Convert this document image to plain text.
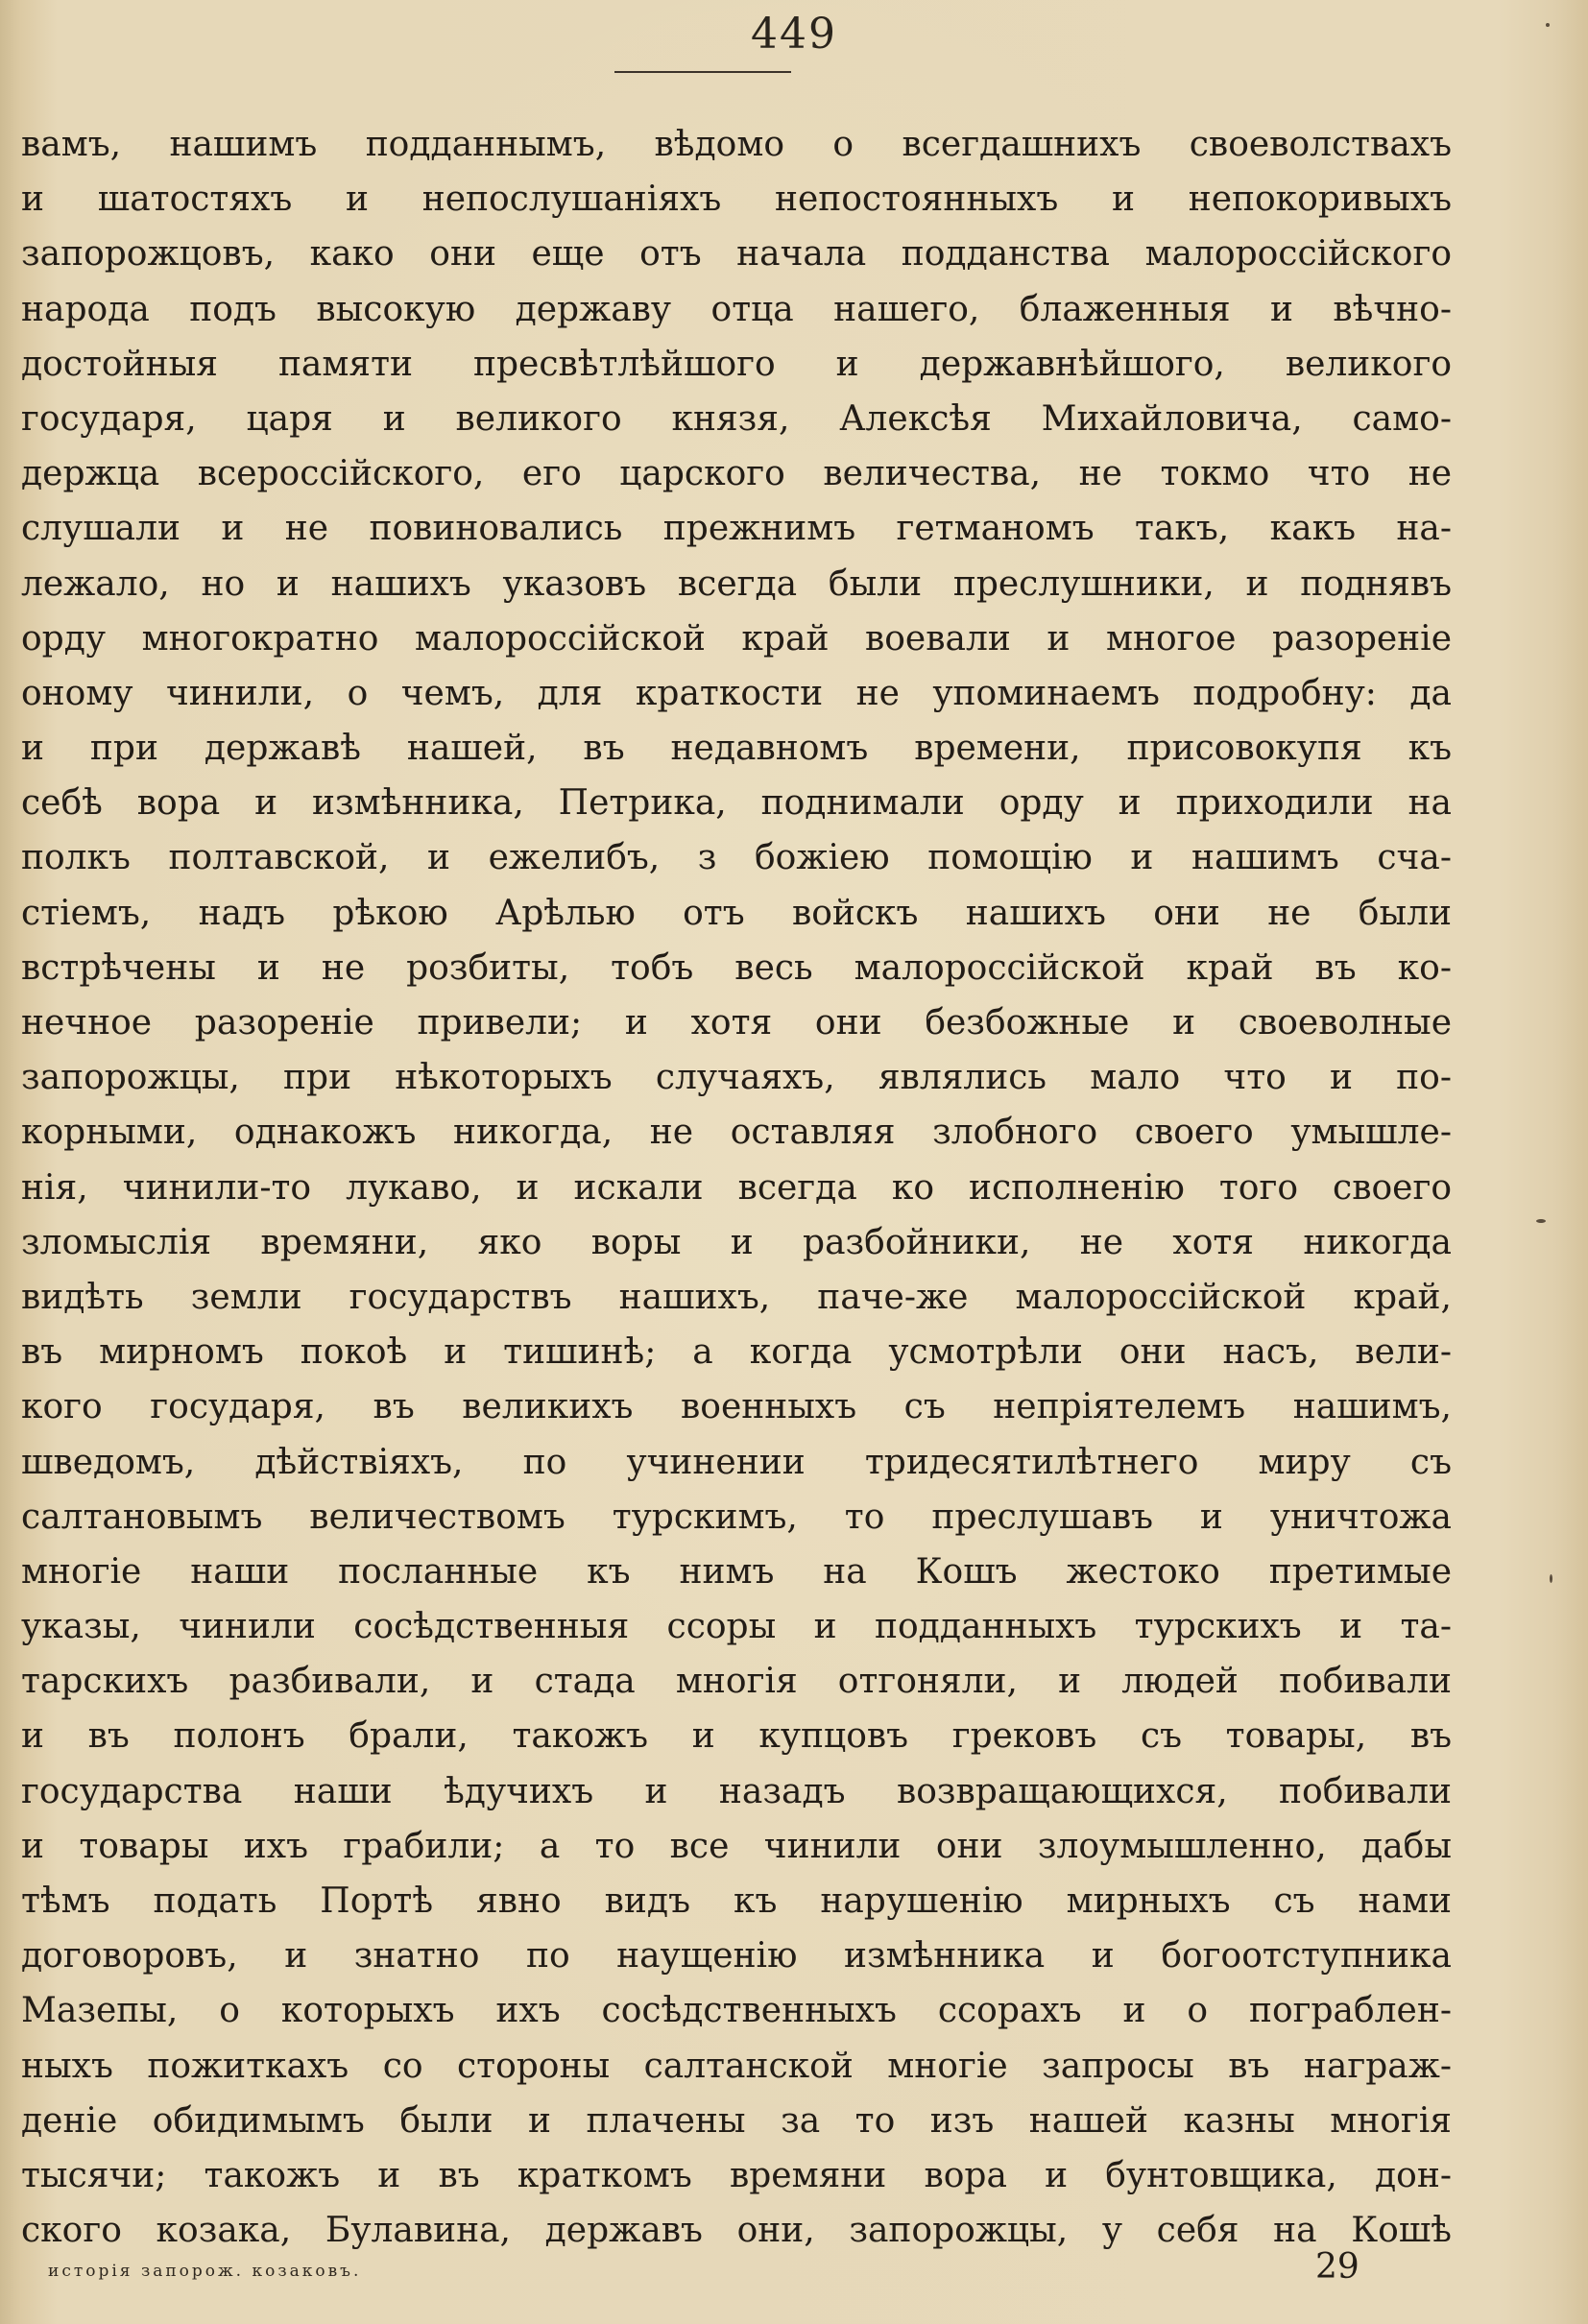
449
вамъ, нашимъ подданнымъ, вѣдомо о всегдашнихъ своеволствахъ
и шатостяхъ и непослушаніяхъ непостоянныхъ и непокоривыхъ
запорожцовъ, како они еще отъ начала подданства малороссійского
народа подъ высокую державу отца нашего, блаженныя и вѣчно-
достойныя памяти пресвѣтлѣйшого и державнѣйшого, великого
государя, царя и великого князя, Алексѣя Михайловича, само-
держца всероссійского, его царского величества, не токмо что не
слушали и не повиновались прежнимъ гетманомъ такъ, какъ на-
лежало, но и нашихъ указовъ всегда были преслушники, и поднявъ
орду многократно малороссійской край воевали и многое разореніе
оному чинили, о чемъ, для краткости не упоминаемъ подробну: да
и при державѣ нашей, въ недавномъ времени, присовокупя къ
себѣ вора и измѣнника, Петрика, поднимали орду и приходили на
полкъ полтавской, и ежелибъ, з божіею помощію и нашимъ сча-
стіемъ, надъ рѣкою Арѣлью отъ войскъ нашихъ они не были
встрѣчены и не розбиты, тобъ весь малороссійской край въ ко-
нечное разореніе привели; и хотя они безбожные и своеволные
запорожцы, при нѣкоторыхъ случаяхъ, являлись мало что и по-
корными, однакожъ никогда, не оставляя злобного своего умышле-
нія, чинили-то лукаво, и искали всегда ко исполненію того своего
зломыслія времяни, яко воры и разбойники, не хотя никогда
видѣть земли государствъ нашихъ, паче-же малороссійской край,
въ мирномъ покоѣ и тишинѣ; а когда усмотрѣли они насъ, вели-
кого государя, въ великихъ военныхъ съ непріятелемъ нашимъ,
шведомъ, дѣйствіяхъ, по учинении тридесятилѣтнего миру съ
салтановымъ величествомъ турскимъ, то преслушавъ и уничтожа
многіе наши посланные къ нимъ на Кошъ жестоко претимые
указы, чинили сосѣдственныя ссоры и подданныхъ турскихъ и та-
тарскихъ разбивали, и стада многія отгоняли, и людей побивали
и въ полонъ брали, такожъ и купцовъ грековъ съ товары, въ
государства наши ѣдучихъ и назадъ возвращающихся, побивали
и товары ихъ грабили; а то все чинили они злоумышленно, дабы
тѣмъ подать Портѣ явно видъ къ нарушенію мирныхъ съ нами
договоровъ, и знатно по наущенію измѣнника и богоотступника
Мазепы, о которыхъ ихъ сосѣдственныхъ ссорахъ и о пограблен-
ныхъ пожиткахъ со стороны салтанской многіе запросы въ награж-
деніе обидимымъ были и плачены за то изъ нашей казны многія
тысячи; такожъ и въ краткомъ времяни вора и бунтовщика, дон-
ского козака, Булавина, державъ они, запорожцы, у себя на Кошѣ
исторія запорож. козаковъ.	29
